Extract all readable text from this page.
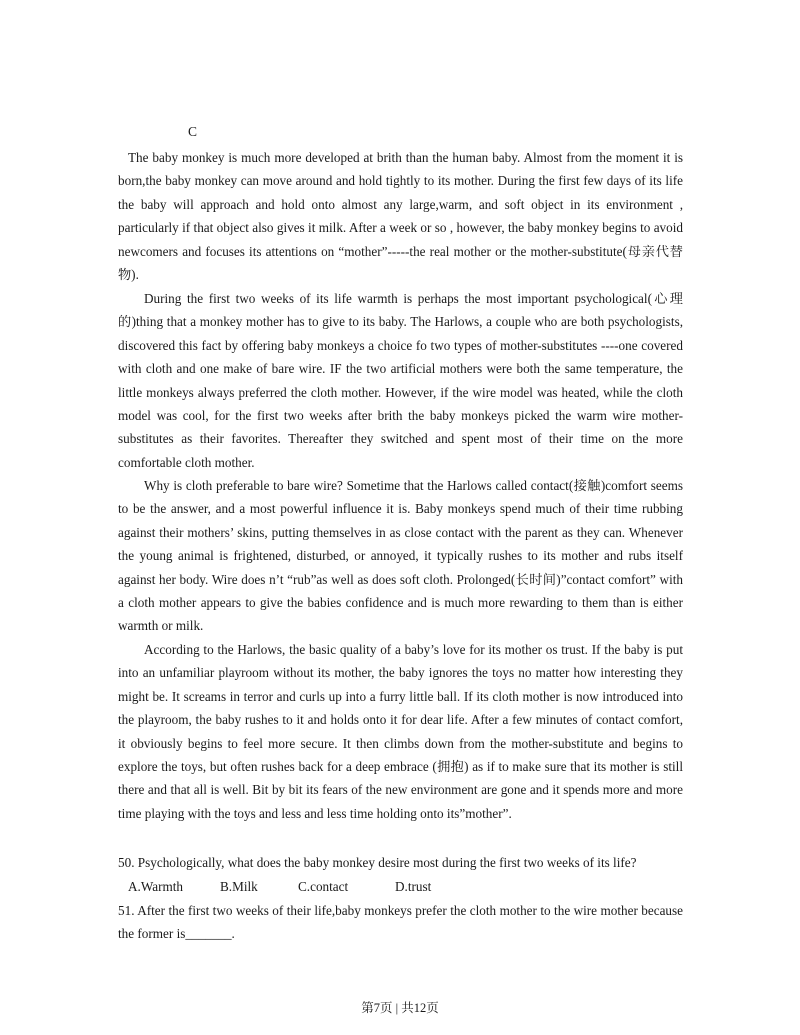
C

The baby monkey is much more developed at brith than the human baby. Almost from the moment it is born,the baby monkey can move around and hold tightly to its mother. During the first few days of its life the baby will approach and hold onto almost any large,warm, and soft object in its environment , particularly if that object also gives it milk. After a week or so , however, the baby monkey begins to avoid newcomers and focuses its attentions on “mother”-----the real mother or the mother-substitute(母亲代替物).

During the first two weeks of its life warmth is perhaps the most important psychological(心理的)thing that a monkey mother has to give to its baby. The Harlows, a couple who are both psychologists, discovered this fact by offering baby monkeys a choice fo two types of mother-substitutes ----one covered with cloth and one make of bare wire. IF the two artificial mothers were both the same temperature, the little monkeys always preferred the cloth mother. However, if the wire model was heated, while the cloth model was cool, for the first two weeks after brith the baby monkeys picked the warm wire mother-substitutes as their favorites. Thereafter they switched and spent most of their time on the more comfortable cloth mother.

Why is cloth preferable to bare wire? Sometime that the Harlows called contact(接触)comfort seems to be the answer, and a most powerful influence it is. Baby monkeys spend much of their time rubbing against their mothers’ skins, putting themselves in as close contact with the parent as they can. Whenever the young animal is frightened, disturbed, or annoyed, it typically rushes to its mother and rubs itself against her body. Wire does n’t “rub”as well as does soft cloth. Prolonged(长时间)”contact comfort” with a cloth mother appears to give the babies confidence and is much more rewarding to them than is either warmth or milk.

According to the Harlows, the basic quality of a baby’s love for its mother os trust. If the baby is put into an unfamiliar playroom without its mother, the baby ignores the toys no matter how interesting they might be. It screams in terror and curls up into a furry little ball. If its cloth mother is now introduced into the playroom, the baby rushes to it and holds onto it for dear life. After a few minutes of contact comfort, it obviously begins to feel more secure. It then climbs down from the mother-substitute and begins to explore the toys, but often rushes back for a deep embrace (拥抱) as if to make sure that its mother is still there and that all is well. Bit by bit its fears of the new environment are gone and it spends more and more time playing with the toys and less and less time holding onto its”mother”.

50. Psychologically, what does the baby monkey desire most during the first two weeks of its life?

A.Warmth	B.Milk	C.contact	D.trust

51. After the first two weeks of their life,baby monkeys prefer the cloth mother to the wire mother because the former is_______.

第7页 | 共12页
